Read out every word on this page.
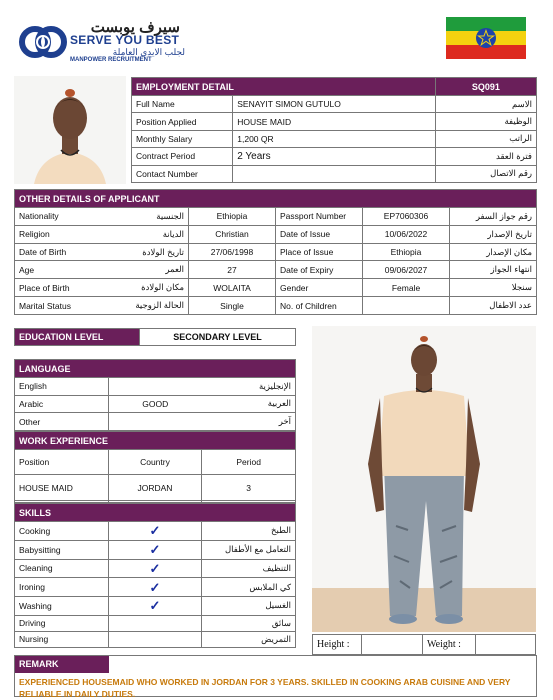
سيرف يوبست
SERVE YOU BEST
لجلب الايدي العاملة
MANPOWER RECRUITMENT
EMPLOYMENT DETAIL		SQ091
Full Name	SENAYIT SIMON GUTULO	الاسم
Position Applied	HOUSE MAID	الوظيفة
Monthly Salary	1,200 QR	الراتب
Contract Period	2 Years	فترة العقد
Contact Number		رقم الاتصال
OTHER DETAILS OF APPLICANT					
Nationality	الجنسية	Ethiopia	Passport Number	EP7060306	رقم جواز السفر
Religion	الديانة	Christian	Date of Issue	10/06/2022	تاريخ الإصدار
Date of Birth	تاريخ الولادة	27/06/1998	Place of Issue	Ethiopia	مكان الإصدار
Age	العمر	27	Date of Expiry	09/06/2027	انتهاء الجواز
Place of Birth	مكان الولادة	WOLAITA	Gender	Female	سنجلا
Marital Status	الحالة الزوجية	Single	No. of Children		عدد الاطفال
EDUCATION LEVEL	SECONDARY LEVEL
LANGUAGE		
English		الإنجليزية
Arabic	GOOD	العربية
Other		آخر
WORK EXPERIENCE		
Position	Country	Period
HOUSE MAID	JORDAN	3

SKILLS		
Cooking	✓	الطبخ
Babysitting	✓	التعامل مع الأطفال
Cleaning	✓	التنظيف
Ironing	✓	كي الملابس
Washing	✓	الغسيل
Driving		سائق
Nursing		التمريض
Height :		Weight :	
REMARK
EXPERIENCED HOUSEMAID WHO WORKED IN JORDAN FOR 3 YEARS. SKILLED IN COOKING ARAB CUISINE AND VERY RELIABLE IN DAILY DUTIES.
